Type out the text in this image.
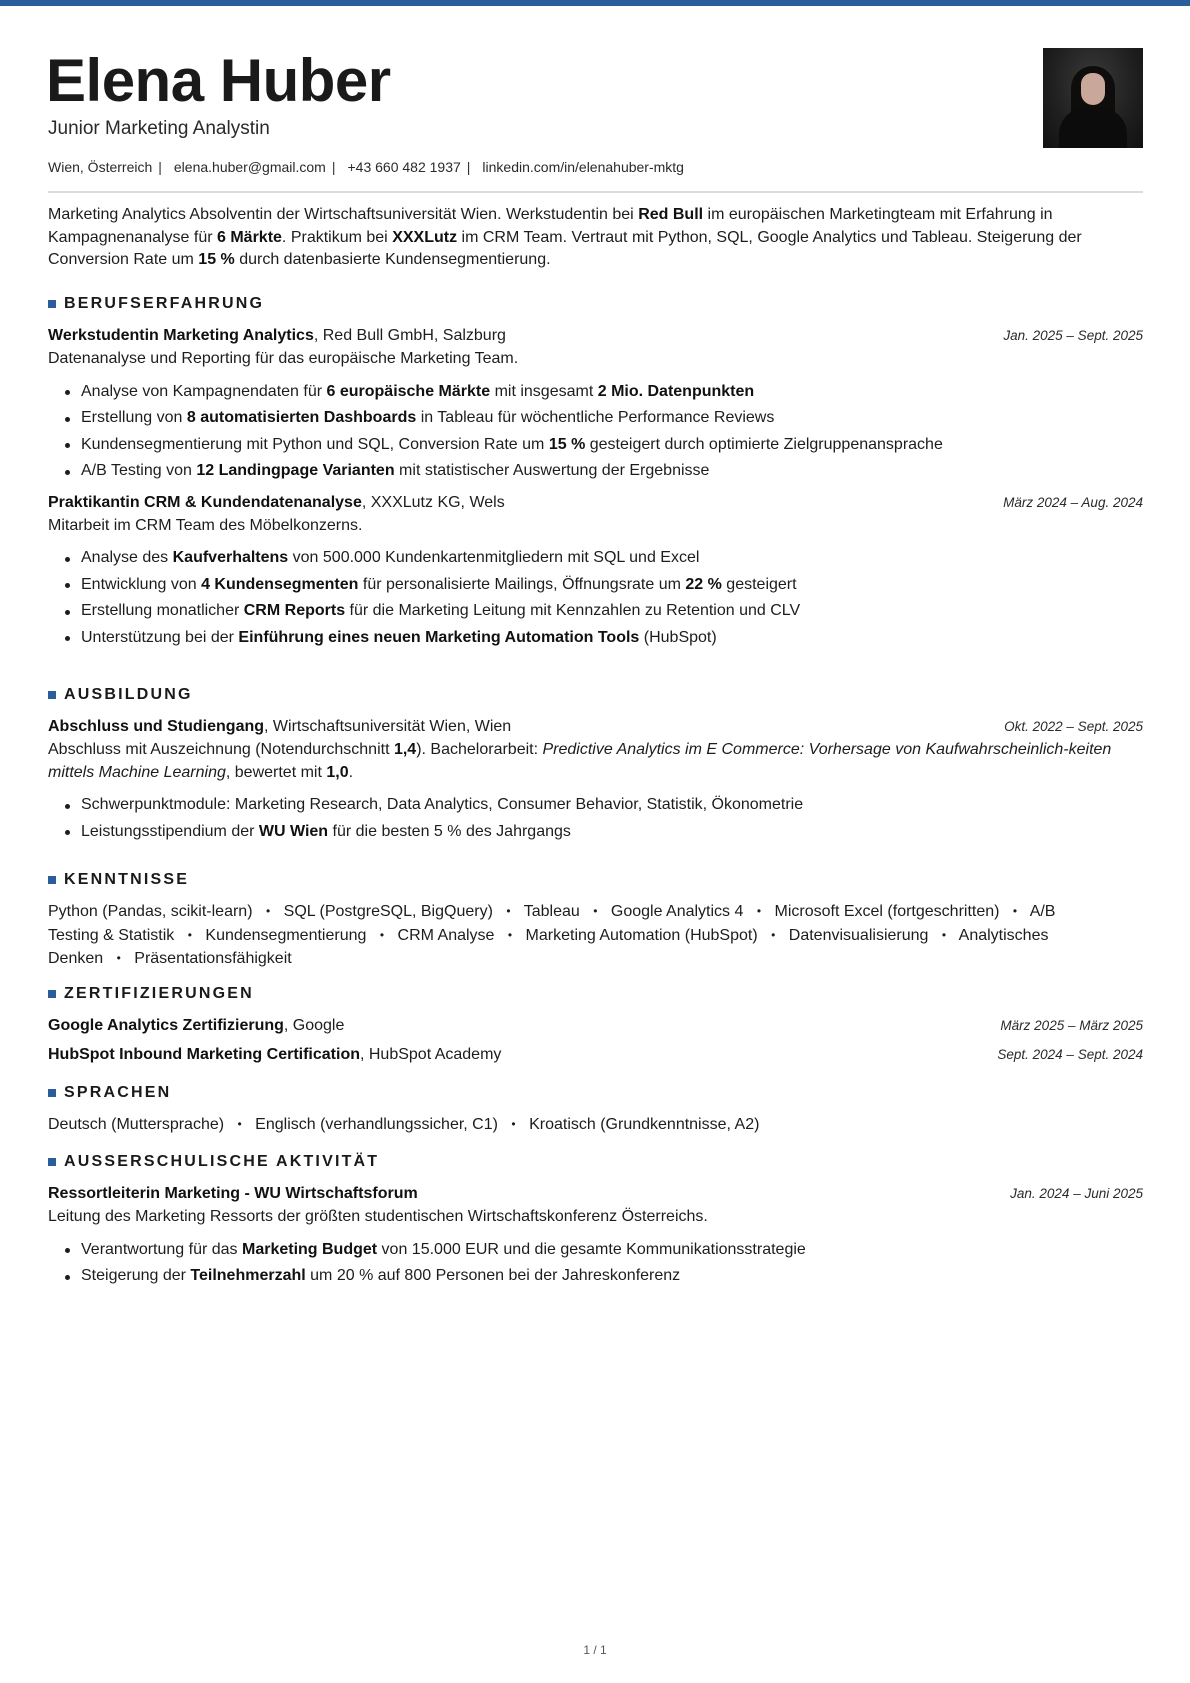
Elena Huber
Junior Marketing Analystin
Wien, Österreich | elena.huber@gmail.com | +43 660 482 1937 | linkedin.com/in/elenahuber-mktg
Marketing Analytics Absolventin der Wirtschaftsuniversität Wien. Werkstudentin bei Red Bull im europäischen Marketingteam mit Erfahrung in Kampagnenanalyse für 6 Märkte. Praktikum bei XXXLutz im CRM Team. Vertraut mit Python, SQL, Google Analytics und Tableau. Steigerung der Conversion Rate um 15 % durch datenbasierte Kundensegmentierung.
BERUFSERFAHRUNG
Werkstudentin Marketing Analytics, Red Bull GmbH, Salzburg	Jan. 2025 – Sept. 2025
Datenanalyse und Reporting für das europäische Marketing Team.
Analyse von Kampagnendaten für 6 europäische Märkte mit insgesamt 2 Mio. Datenpunkten
Erstellung von 8 automatisierten Dashboards in Tableau für wöchentliche Performance Reviews
Kundensegmentierung mit Python und SQL, Conversion Rate um 15 % gesteigert durch optimierte Zielgruppenansprache
A/B Testing von 12 Landingpage Varianten mit statistischer Auswertung der Ergebnisse
Praktikantin CRM & Kundendatenanalyse, XXXLutz KG, Wels	März 2024 – Aug. 2024
Mitarbeit im CRM Team des Möbelkonzerns.
Analyse des Kaufverhaltens von 500.000 Kundenkartenmitgliedern mit SQL und Excel
Entwicklung von 4 Kundensegmenten für personalisierte Mailings, Öffnungsrate um 22 % gesteigert
Erstellung monatlicher CRM Reports für die Marketing Leitung mit Kennzahlen zu Retention und CLV
Unterstützung bei der Einführung eines neuen Marketing Automation Tools (HubSpot)
AUSBILDUNG
Abschluss und Studiengang, Wirtschaftsuniversität Wien, Wien	Okt. 2022 – Sept. 2025
Abschluss mit Auszeichnung (Notendurchschnitt 1,4). Bachelorarbeit: Predictive Analytics im E Commerce: Vorhersage von Kaufwahrscheinlich-keiten mittels Machine Learning, bewertet mit 1,0.
Schwerpunktmodule: Marketing Research, Data Analytics, Consumer Behavior, Statistik, Ökonometrie
Leistungsstipendium der WU Wien für die besten 5 % des Jahrgangs
KENNTNISSE
Python (Pandas, scikit-learn) • SQL (PostgreSQL, BigQuery) • Tableau • Google Analytics 4 • Microsoft Excel (fortgeschritten) • A/B Testing & Statistik • Kundensegmentierung • CRM Analyse • Marketing Automation (HubSpot) • Datenvisualisierung • Analytisches Denken • Präsentationsfähigkeit
ZERTIFIZIERUNGEN
Google Analytics Zertifizierung, Google	März 2025 – März 2025
HubSpot Inbound Marketing Certification, HubSpot Academy	Sept. 2024 – Sept. 2024
SPRACHEN
Deutsch (Muttersprache) • Englisch (verhandlungssicher, C1) • Kroatisch (Grundkenntnisse, A2)
AUSSERSCHULISCHE AKTIVITÄT
Ressortleiterin Marketing - WU Wirtschaftsforum	Jan. 2024 – Juni 2025
Leitung des Marketing Ressorts der größten studentischen Wirtschaftskonferenz Österreichs.
Verantwortung für das Marketing Budget von 15.000 EUR und die gesamte Kommunikationsstrategie
Steigerung der Teilnehmerzahl um 20 % auf 800 Personen bei der Jahreskonferenz
1 / 1
